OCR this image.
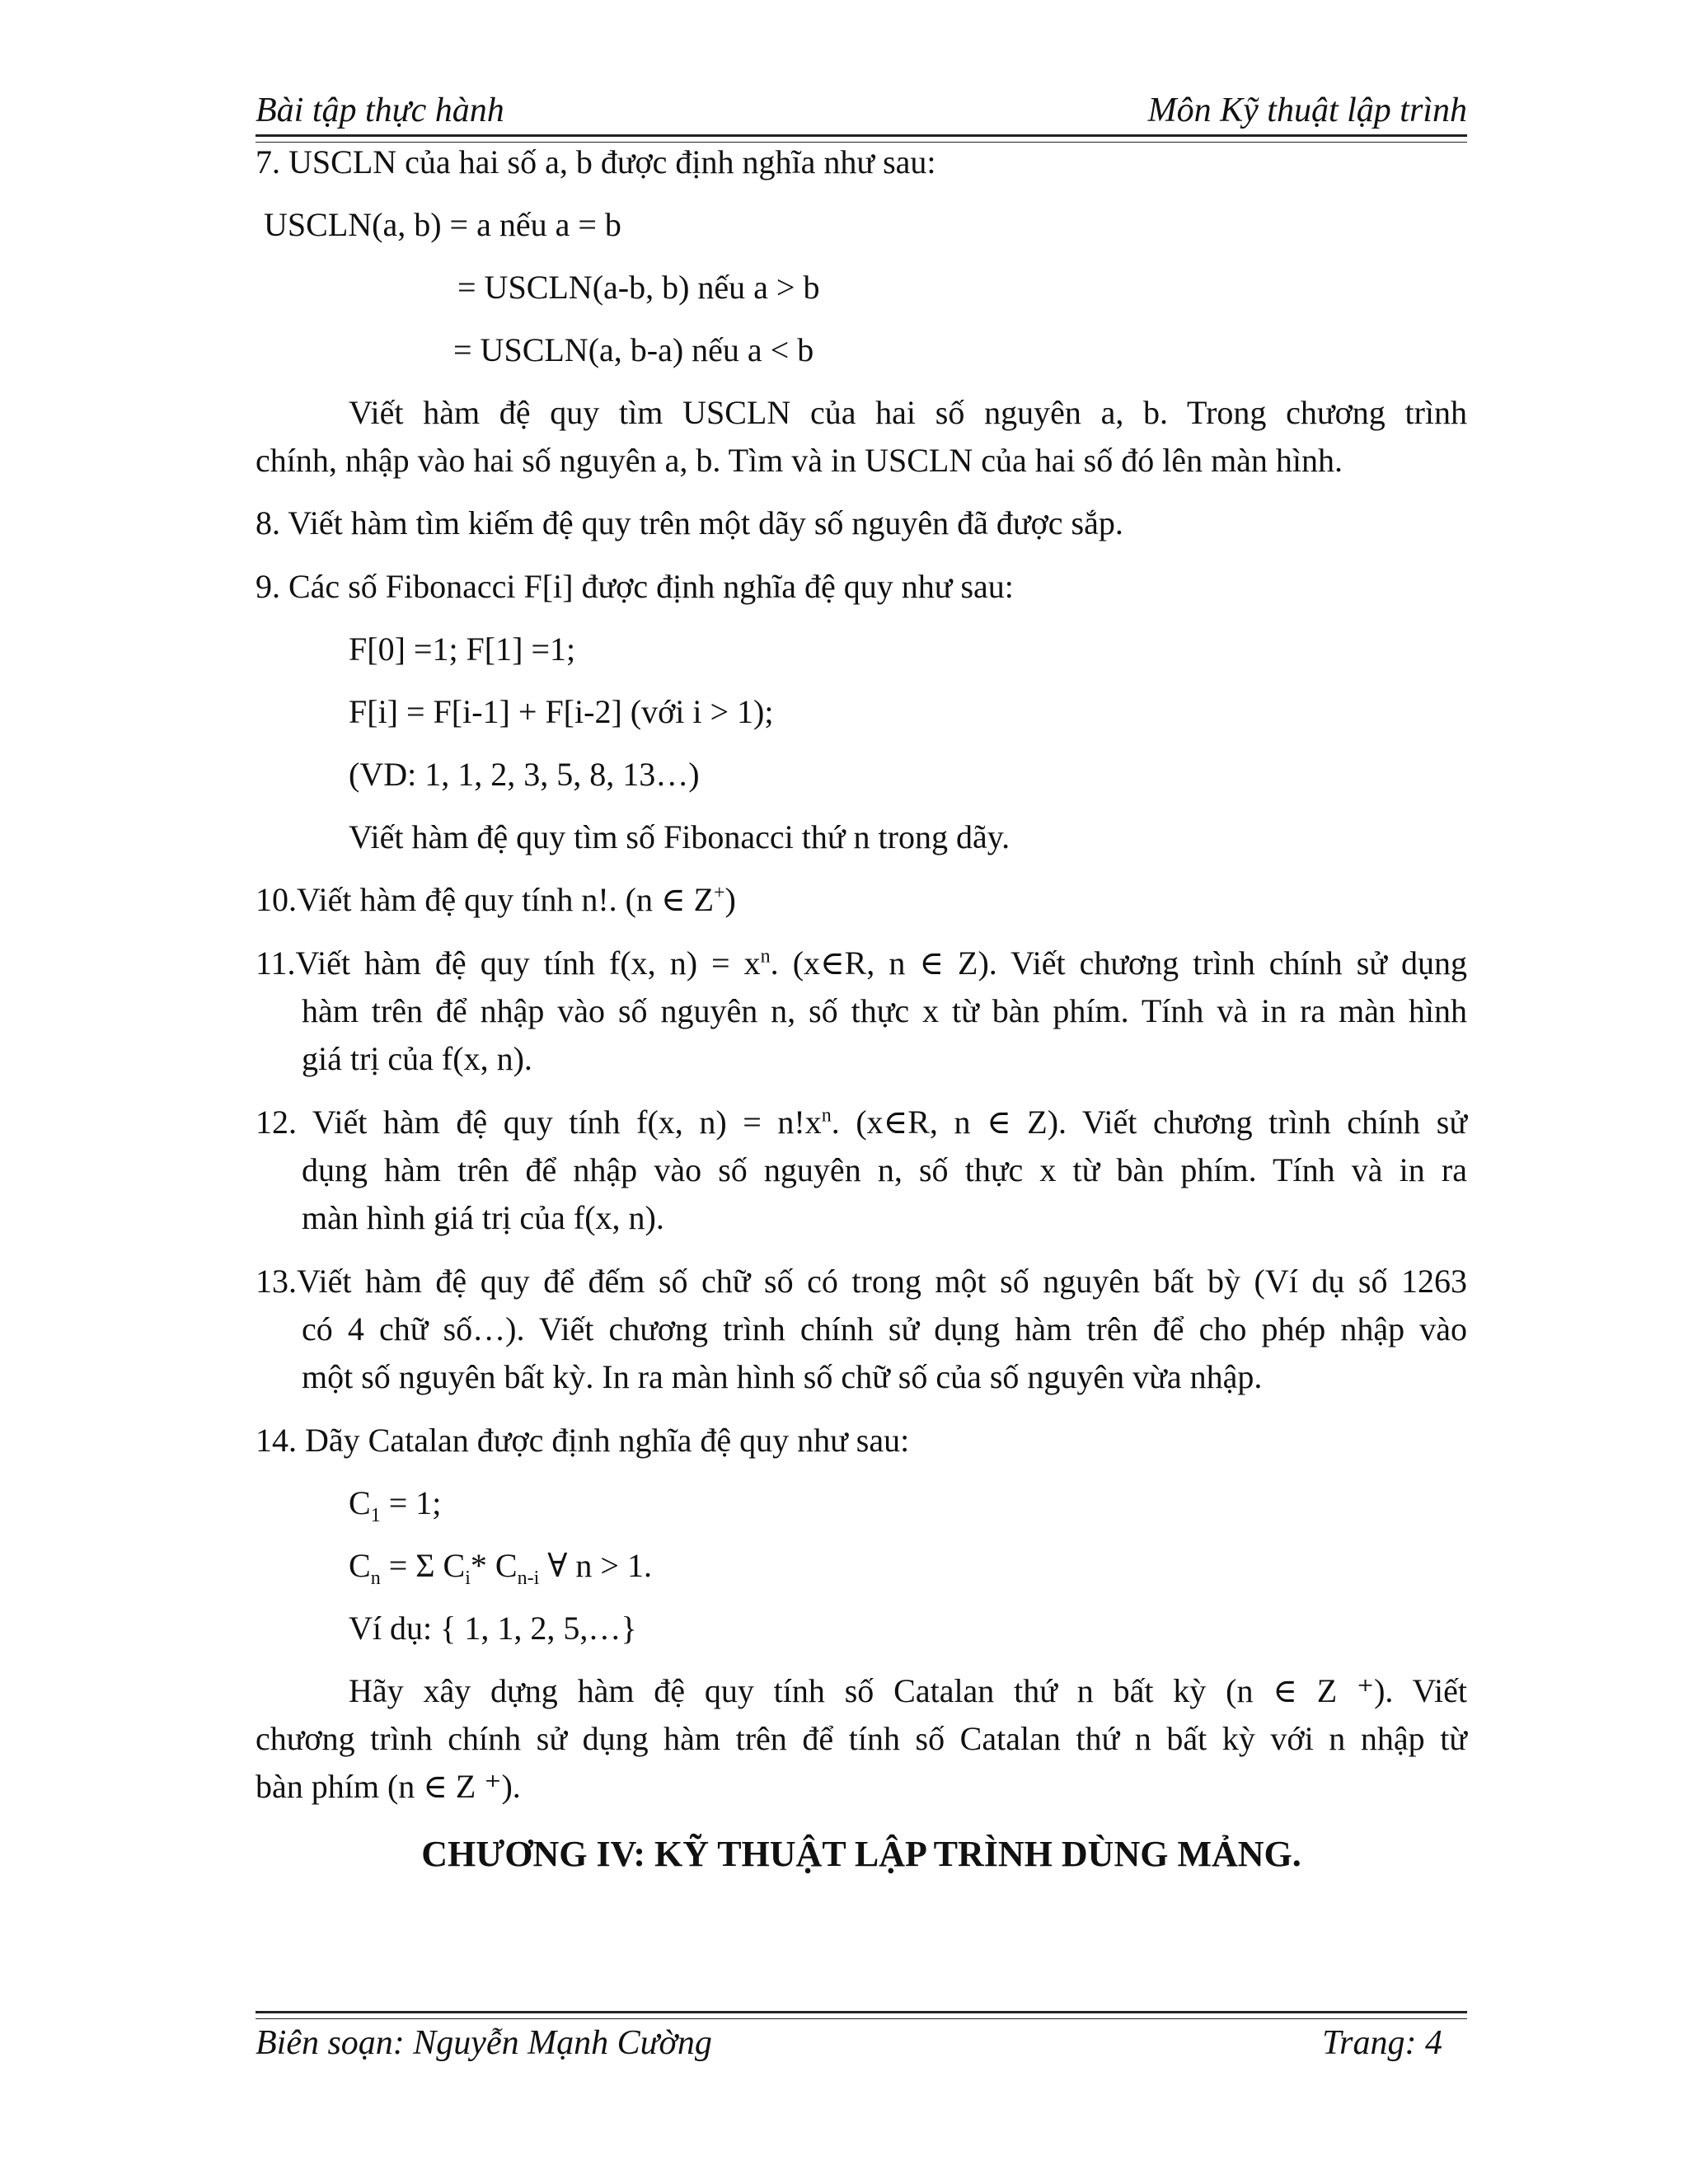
Bài tập thực hành	Môn Kỹ thuật lập trình
7. USCLN của hai số a, b được định nghĩa như sau:
USCLN(a, b) = a nếu a = b
= USCLN(a-b, b) nếu a > b
= USCLN(a, b-a) nếu a < b
Viết hàm đệ quy tìm USCLN của hai số nguyên a, b. Trong chương trình
chính, nhập vào hai số nguyên a, b. Tìm và in USCLN của hai số đó lên màn hình.
8. Viết hàm tìm kiếm đệ quy trên một dãy số nguyên đã được sắp.
9. Các số Fibonacci F[i] được định nghĩa đệ quy như sau:
F[0] =1; F[1] =1;
F[i] = F[i-1] + F[i-2] (với i > 1);
(VD: 1, 1, 2, 3, 5, 8, 13…)
Viết hàm đệ quy tìm số Fibonacci thứ n trong dãy.
10.Viết hàm đệ quy tính n!. (n ∈ Z+)
11.Viết hàm đệ quy tính f(x, $n) = x^n$. (x∈R, n ∈ Z). Viết chương trình chính sử dụng
hàm trên để nhập vào số nguyên n, số thực x từ bàn phím. Tính và in ra màn hình
giá trị của f(x, n).
12. Viết hàm đệ quy tính f(x, $n) = n!x^n$. (x∈R, n ∈ Z). Viết chương trình chính sử
dụng hàm trên để nhập vào số nguyên n, số thực x từ bàn phím. Tính và in ra
màn hình giá trị của f(x, n).
13.Viết hàm đệ quy để đếm số chữ số có trong một số nguyên bất bỳ (Ví dụ số 1263
có 4 chữ số…). Viết chương trình chính sử dụng hàm trên để cho phép nhập vào
một số nguyên bất kỳ. In ra màn hình số chữ số của số nguyên vừa nhập.
14. Dãy Catalan được định nghĩa đệ quy như sau:
$C_1 = 1$;
$C_n = \Sigma$ $C_i*$ $C_{n-i}$ ∀ n > 1.
Ví dụ: { 1, 1, 2, 5,…}
Hãy xây dựng hàm đệ quy tính số Catalan thứ n bất kỳ (n ∈ Z ⁺). Viết
chương trình chính sử dụng hàm trên để tính số Catalan thứ n bất kỳ với n nhập từ
bàn phím (n ∈ Z ⁺).
CHƯƠNG IV: KỸ THUẬT LẬP TRÌNH DÙNG MẢNG.
Biên soạn: Nguyễn Mạnh Cường	Trang: 4
